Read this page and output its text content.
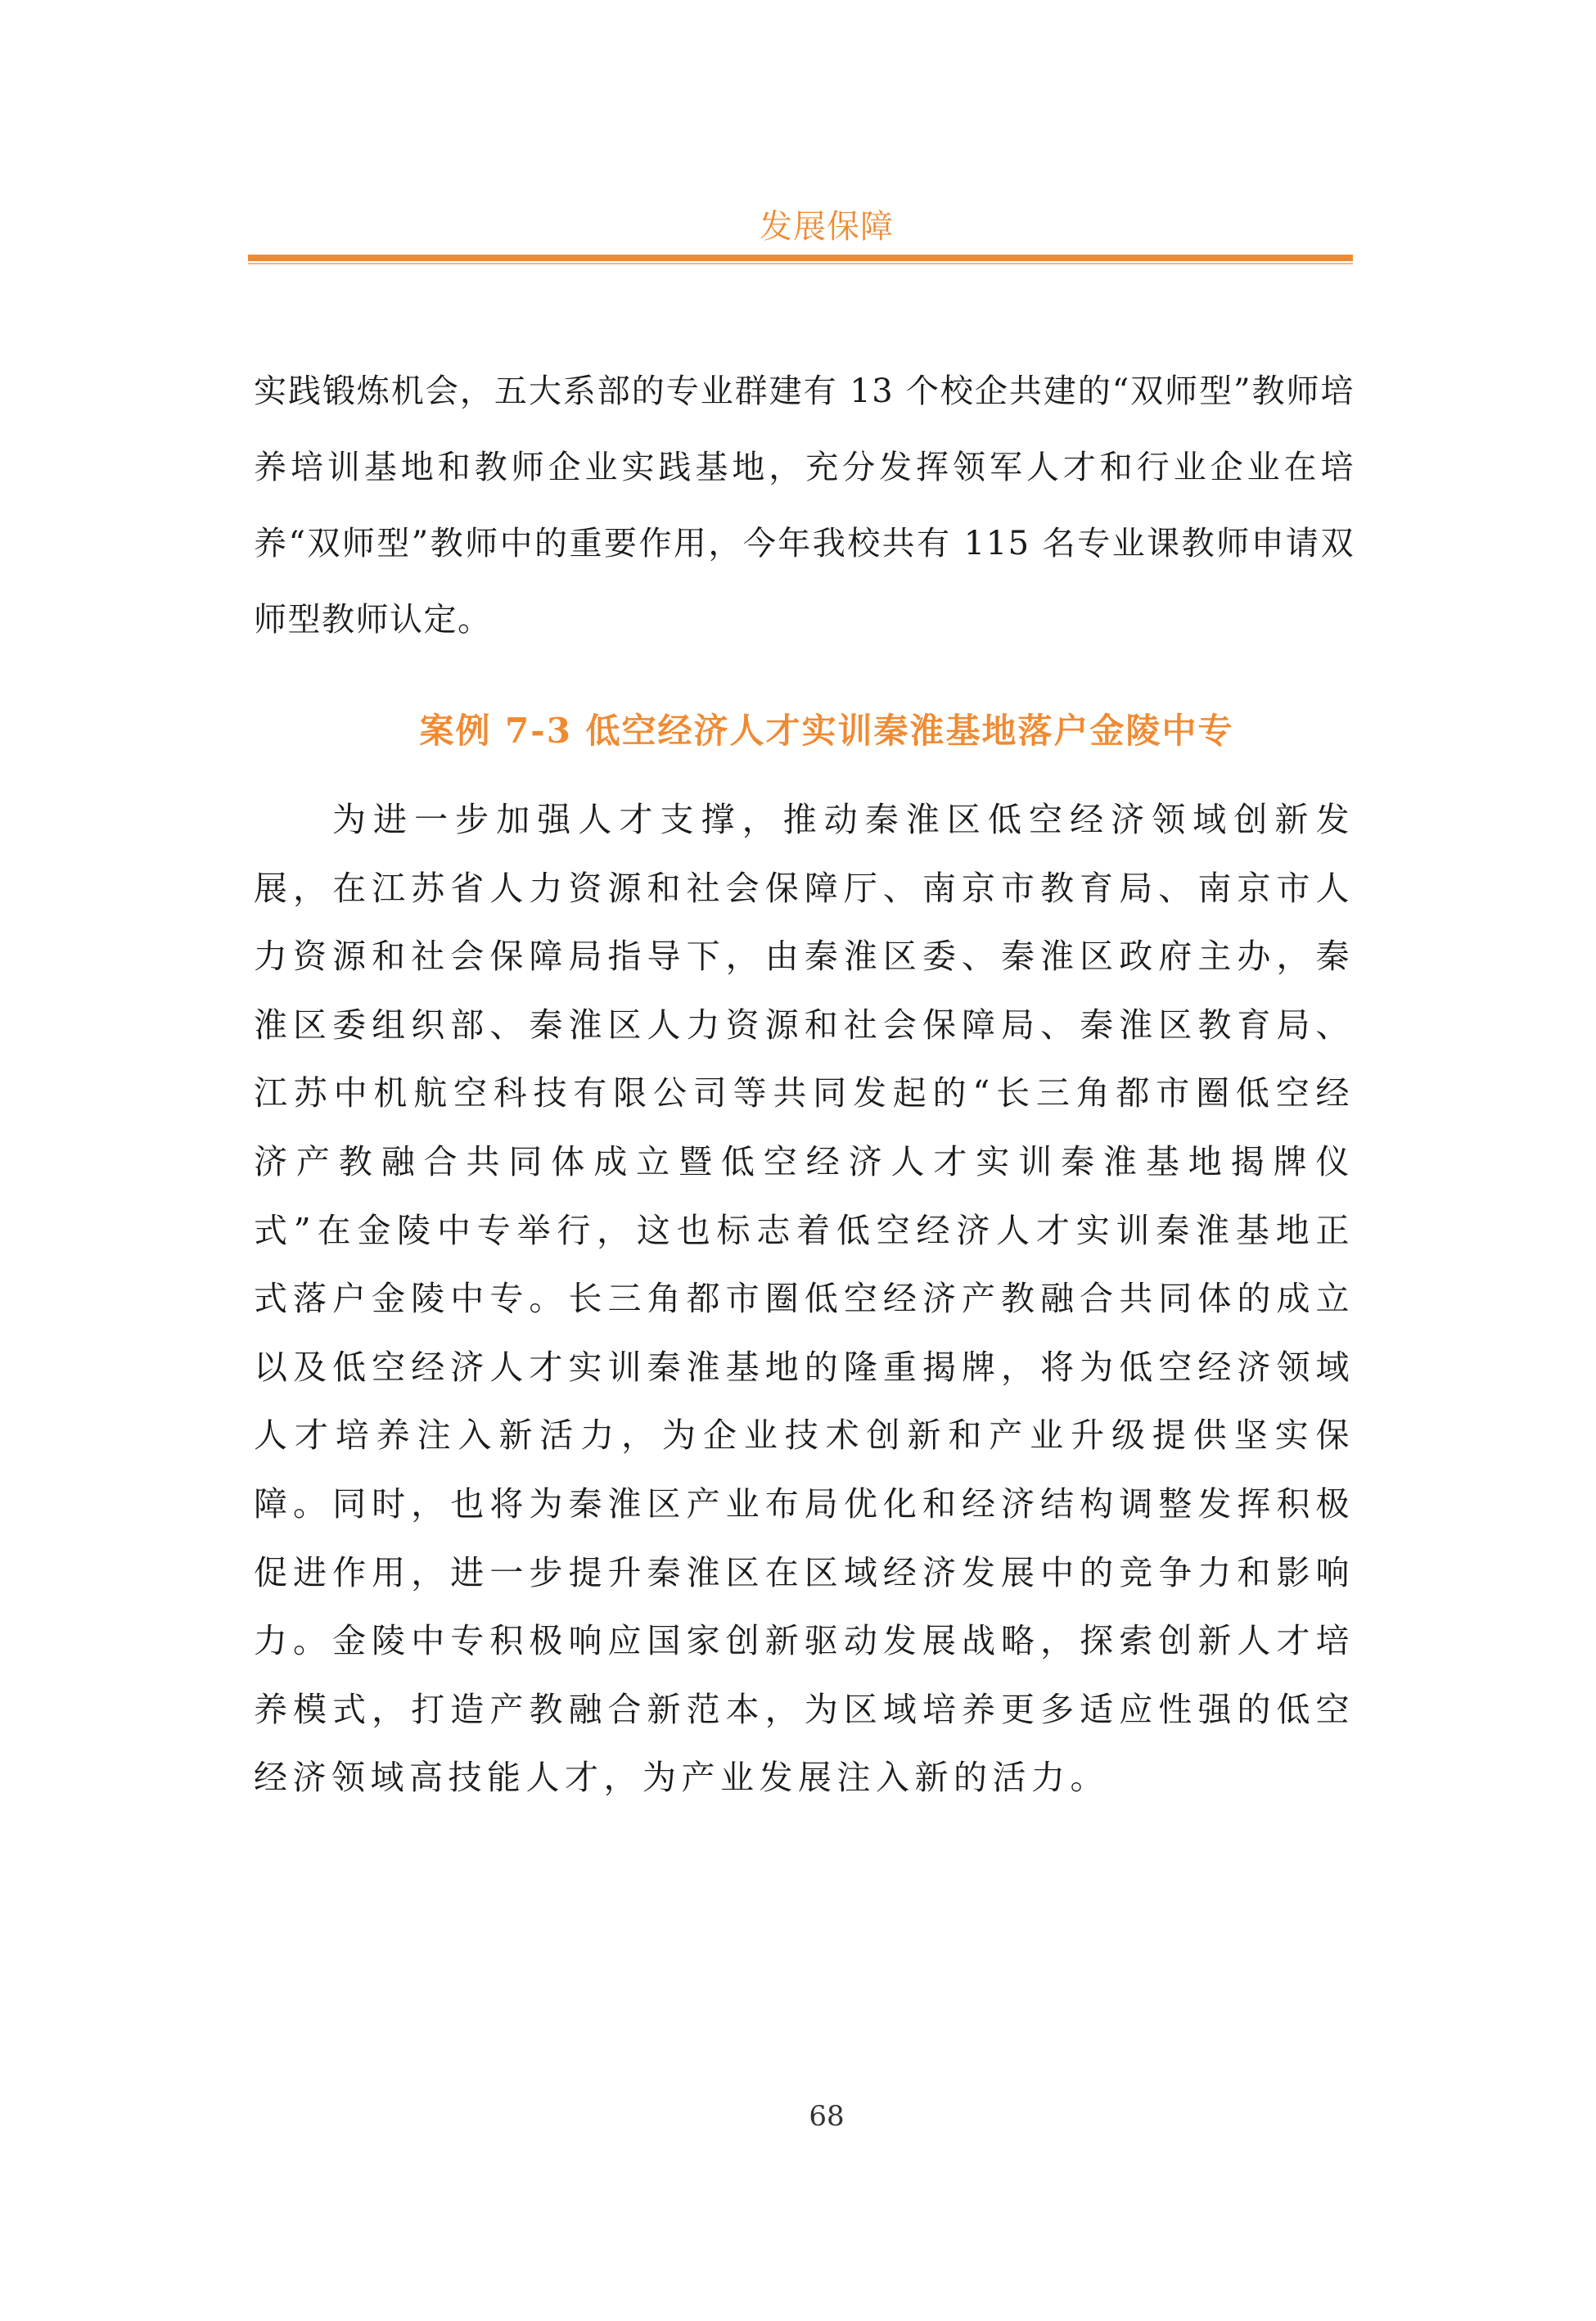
发展保障

实践锻炼机会，五大系部的专业群建有 13 个校企共建的“双师型”教师培养培训基地和教师企业实践基地，充分发挥领军人才和行业企业在培养“双师型”教师中的重要作用，今年我校共有 115 名专业课教师申请双师型教师认定。

案例 7-3 低空经济人才实训秦淮基地落户金陵中专

为进一步加强人才支撑，推动秦淮区低空经济领域创新发展，在江苏省人力资源和社会保障厅、南京市教育局、南京市人力资源和社会保障局指导下，由秦淮区委、秦淮区政府主办，秦淮区委组织部、秦淮区人力资源和社会保障局、秦淮区教育局、江苏中机航空科技有限公司等共同发起的“长三角都市圈低空经济产教融合共同体成立暨低空经济人才实训秦淮基地揭牌仪式”在金陵中专举行，这也标志着低空经济人才实训秦淮基地正式落户金陵中专。长三角都市圈低空经济产教融合共同体的成立以及低空经济人才实训秦淮基地的隆重揭牌，将为低空经济领域人才培养注入新活力，为企业技术创新和产业升级提供坚实保障。同时，也将为秦淮区产业布局优化和经济结构调整发挥积极促进作用，进一步提升秦淮区在区域经济发展中的竞争力和影响力。金陵中专积极响应国家创新驱动发展战略，探索创新人才培养模式，打造产教融合新范本，为区域培养更多适应性强的低空经济领域高技能人才，为产业发展注入新的活力。

68
